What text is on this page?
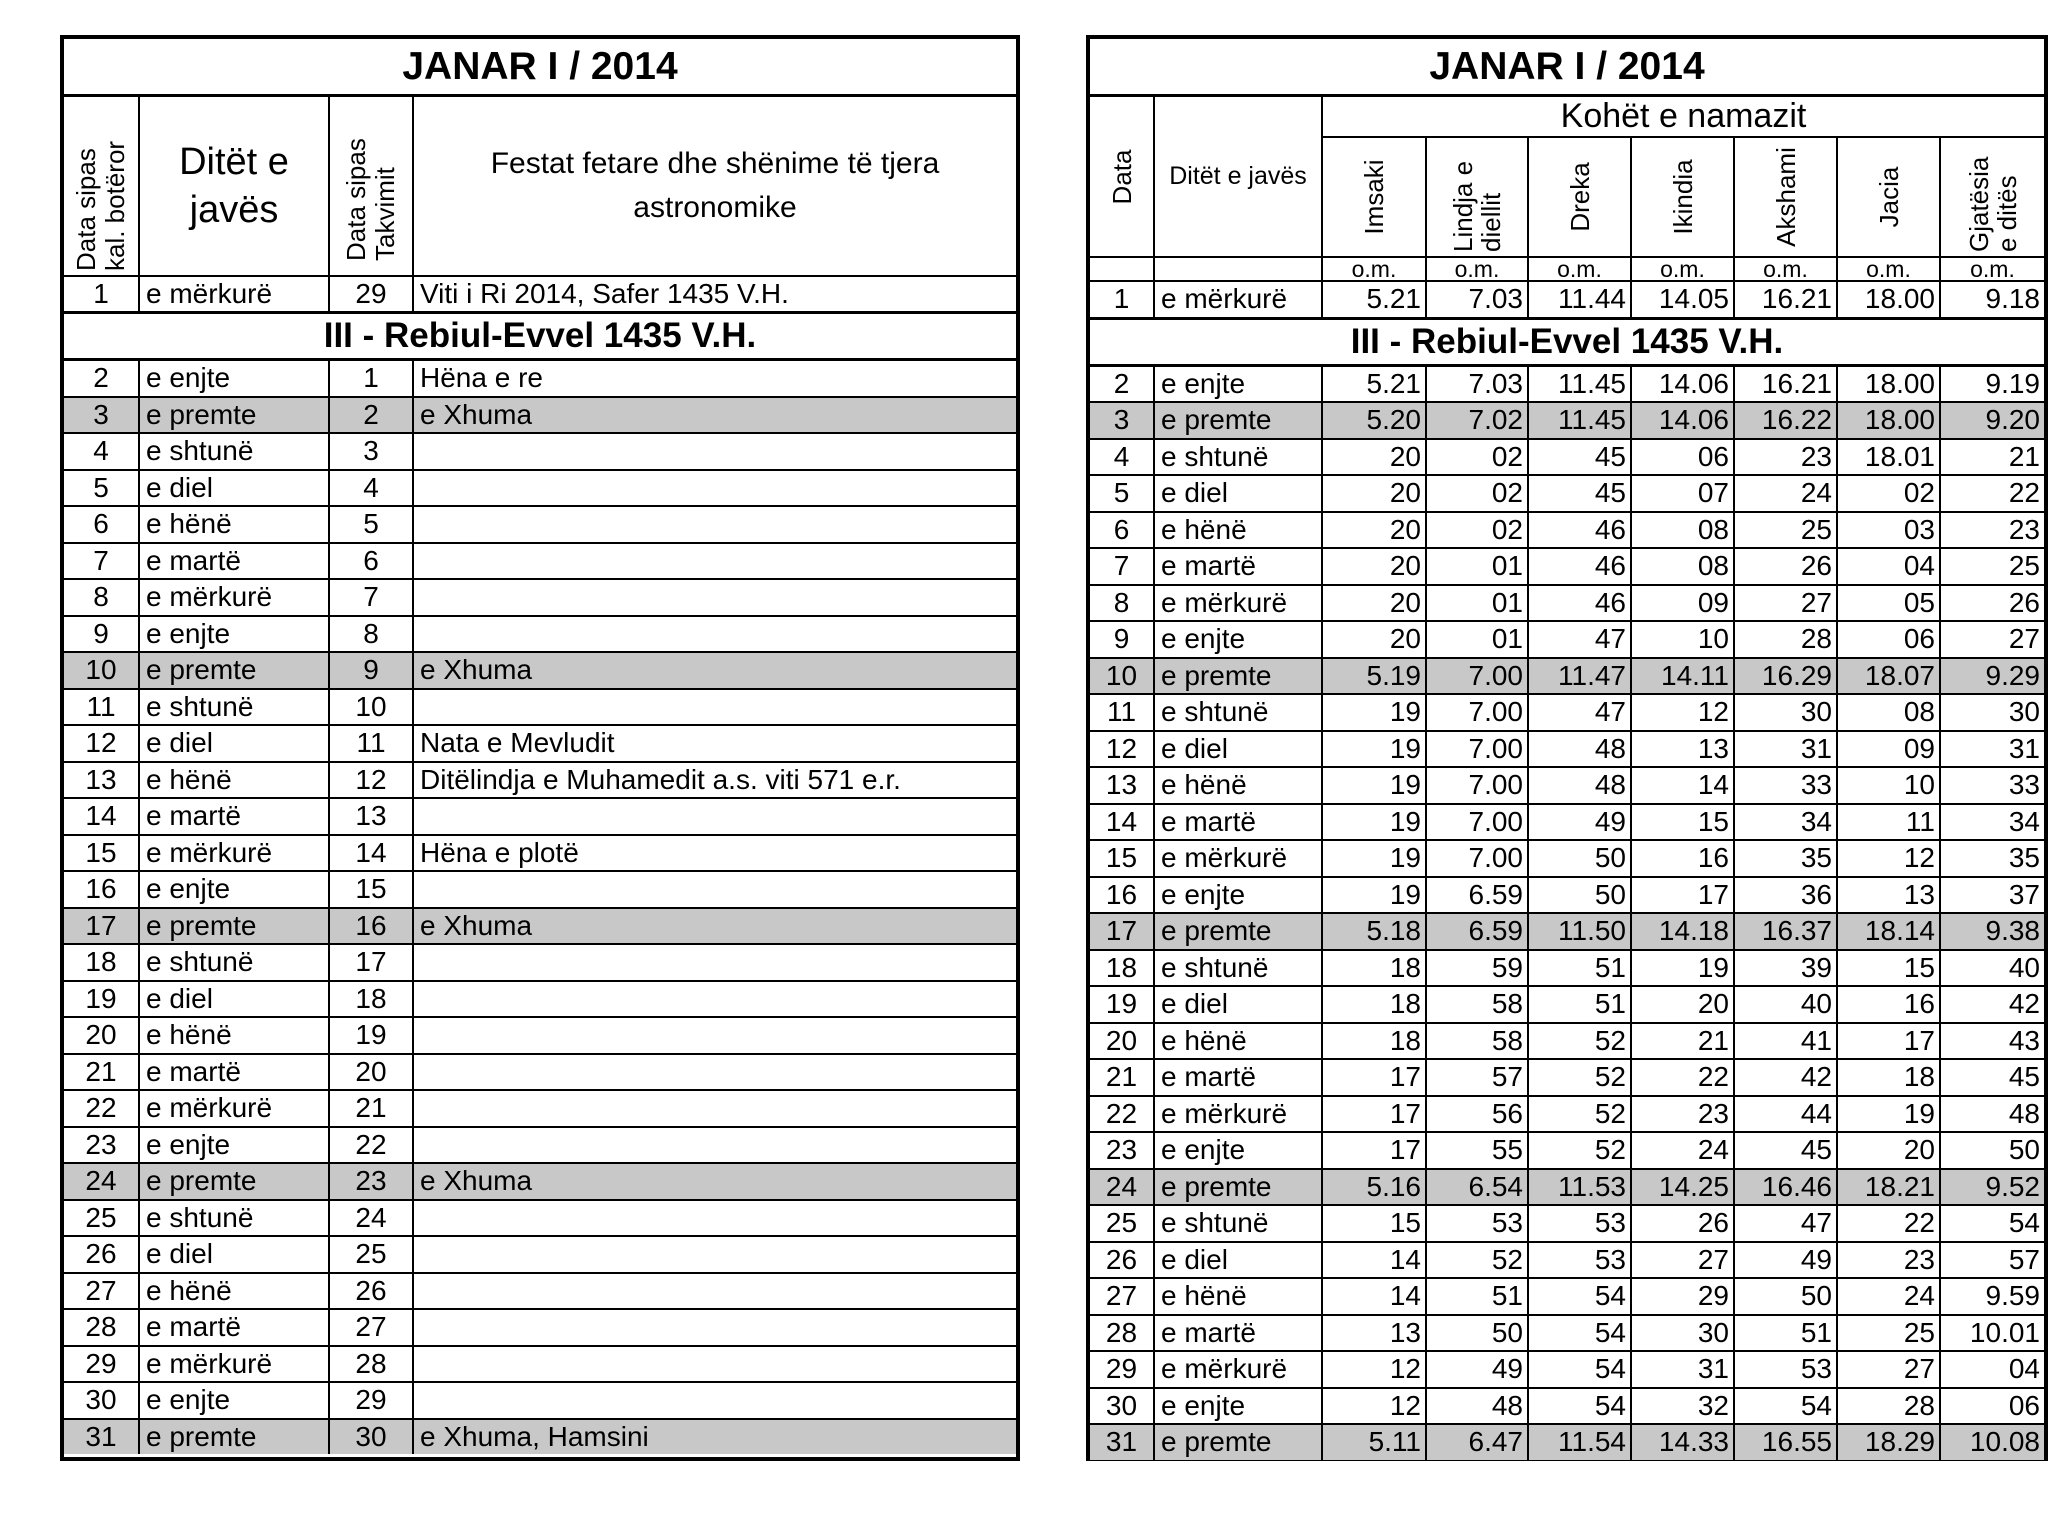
JANAR I / 2014			

Data sipas kal. botëror	Ditët e javës	Data sipas Takvimit	Festat fetare dhe shënime të tjera astronomike
1	e mërkurë	29	Viti i Ri 2014, Safer 1435 V.H.
III - Rebiul-Evvel 1435 V.H.			
2	e enjte	1	Hëna e re
3	e premte	2	e Xhuma
4	e shtunë	3	
5	e diel	4	
6	e hënë	5	
7	e martë	6	
8	e mërkurë	7	
9	e enjte	8	
10	e premte	9	e Xhuma
11	e shtunë	10	
12	e diel	11	Nata e Mevludit
13	e hënë	12	Ditëlindja e Muhamedit a.s. viti 571 e.r.
14	e martë	13	
15	e mërkurë	14	Hëna e plotë
16	e enjte	15	
17	e premte	16	e Xhuma
18	e shtunë	17	
19	e diel	18	
20	e hënë	19	
21	e martë	20	
22	e mërkurë	21	
23	e enjte	22	
24	e premte	23	e Xhuma
25	e shtunë	24	
26	e diel	25	
27	e hënë	26	
28	e martë	27	
29	e mërkurë	28	
30	e enjte	29	
31	e premte	30	e Xhuma, Hamsini
JANAR I / 2014								

Data	Ditët e javës	Kohët e namazit						

		Imsaki	Lindja e diellit	Dreka	Ikindia	Akshami	Jacia	Gjatësia e ditës

		o.m.	o.m.	o.m.	o.m.	o.m.	o.m.	o.m.
1	e mërkurë	5.21	7.03	11.44	14.05	16.21	18.00	9.18
III - Rebiul-Evvel 1435 V.H.								
2	e enjte	5.21	7.03	11.45	14.06	16.21	18.00	9.19
3	e premte	5.20	7.02	11.45	14.06	16.22	18.00	9.20
4	e shtunë	20	02	45	06	23	18.01	21
5	e diel	20	02	45	07	24	02	22
6	e hënë	20	02	46	08	25	03	23
7	e martë	20	01	46	08	26	04	25
8	e mërkurë	20	01	46	09	27	05	26
9	e enjte	20	01	47	10	28	06	27
10	e premte	5.19	7.00	11.47	14.11	16.29	18.07	9.29
11	e shtunë	19	7.00	47	12	30	08	30
12	e diel	19	7.00	48	13	31	09	31
13	e hënë	19	7.00	48	14	33	10	33
14	e martë	19	7.00	49	15	34	11	34
15	e mërkurë	19	7.00	50	16	35	12	35
16	e enjte	19	6.59	50	17	36	13	37
17	e premte	5.18	6.59	11.50	14.18	16.37	18.14	9.38
18	e shtunë	18	59	51	19	39	15	40
19	e diel	18	58	51	20	40	16	42
20	e hënë	18	58	52	21	41	17	43
21	e martë	17	57	52	22	42	18	45
22	e mërkurë	17	56	52	23	44	19	48
23	e enjte	17	55	52	24	45	20	50
24	e premte	5.16	6.54	11.53	14.25	16.46	18.21	9.52
25	e shtunë	15	53	53	26	47	22	54
26	e diel	14	52	53	27	49	23	57
27	e hënë	14	51	54	29	50	24	9.59
28	e martë	13	50	54	30	51	25	10.01
29	e mërkurë	12	49	54	31	53	27	04
30	e enjte	12	48	54	32	54	28	06
31	e premte	5.11	6.47	11.54	14.33	16.55	18.29	10.08
